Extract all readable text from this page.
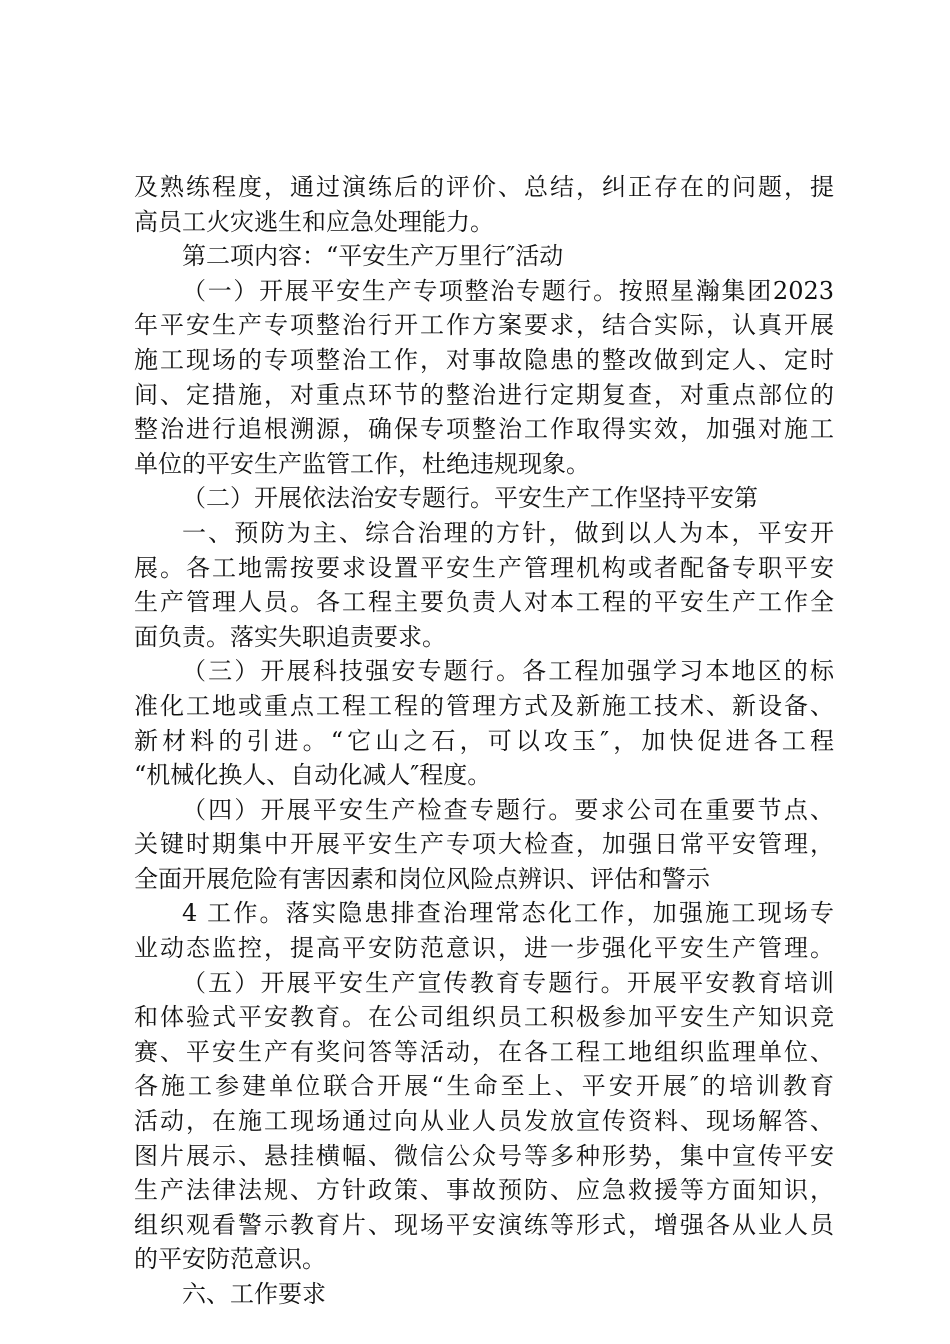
及熟练程度，通过演练后的评价、总结，纠正存在的问题，提
高员工火灾逃生和应急处理能力。
第二项内容：“平安生产万里行″活动
（一）开展平安生产专项整治专题行。按照星瀚集团2023
年平安生产专项整治行开工作方案要求，结合实际，认真开展
施工现场的专项整治工作，对事故隐患的整改做到定人、定时
间、定措施，对重点环节的整治进行定期复查，对重点部位的
整治进行追根溯源，确保专项整治工作取得实效，加强对施工
单位的平安生产监管工作，杜绝违规现象。
（二）开展依法治安专题行。平安生产工作坚持平安第
一、预防为主、综合治理的方针，做到以人为本，平安开
展。各工地需按要求设置平安生产管理机构或者配备专职平安
生产管理人员。各工程主要负责人对本工程的平安生产工作全
面负责。落实失职追责要求。
（三）开展科技强安专题行。各工程加强学习本地区的标
准化工地或重点工程工程的管理方式及新施工技术、新设备、
新材料的引进。“它山之石，可以攻玉″，加快促进各工程
“机械化换人、自动化减人″程度。
（四）开展平安生产检查专题行。要求公司在重要节点、
关键时期集中开展平安生产专项大检查，加强日常平安管理，
全面开展危险有害因素和岗位风险点辨识、评估和警示
4 工作。落实隐患排查治理常态化工作，加强施工现场专
业动态监控，提高平安防范意识，进一步强化平安生产管理。
（五）开展平安生产宣传教育专题行。开展平安教育培训
和体验式平安教育。在公司组织员工积极参加平安生产知识竞
赛、平安生产有奖问答等活动，在各工程工地组织监理单位、
各施工参建单位联合开展“生命至上、平安开展″的培训教育
活动，在施工现场通过向从业人员发放宣传资料、现场解答、
图片展示、悬挂横幅、微信公众号等多种形势，集中宣传平安
生产法律法规、方针政策、事故预防、应急救援等方面知识，
组织观看警示教育片、现场平安演练等形式，增强各从业人员
的平安防范意识。
六、工作要求
